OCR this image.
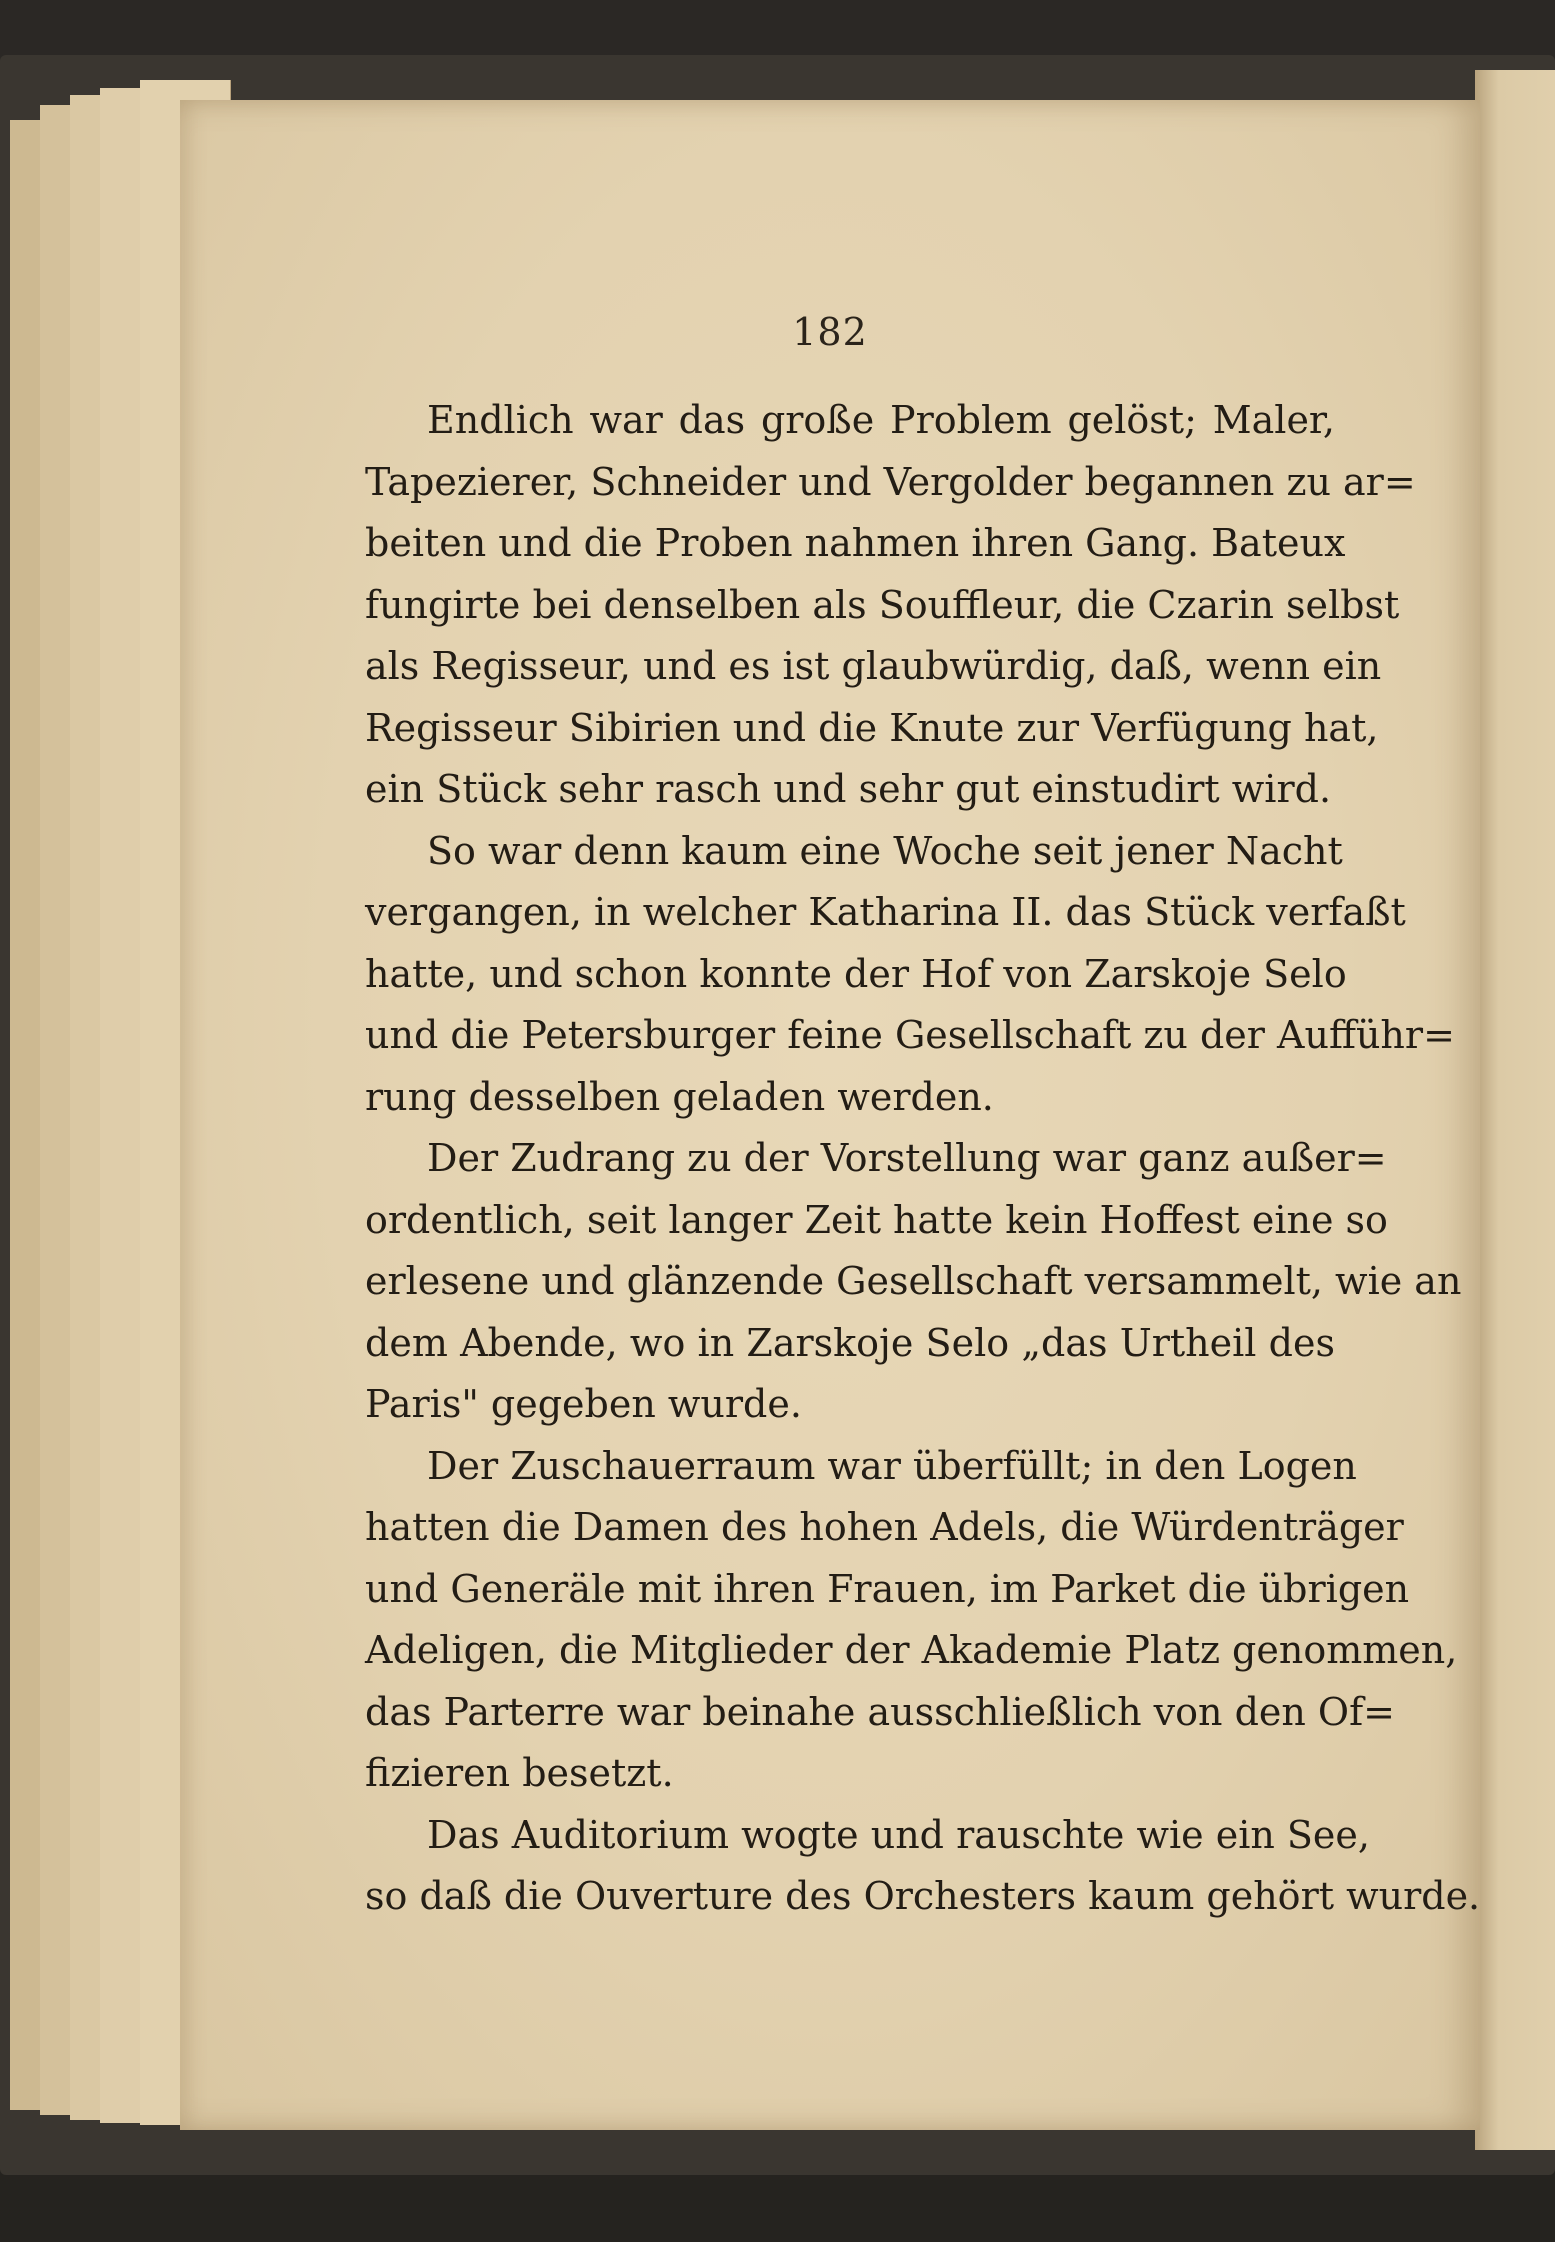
182
Endlich war das große Problem gelöst; Maler,
Tapezierer, Schneider und Vergolder begannen zu ar=
beiten und die Proben nahmen ihren Gang. Bateux
fungirte bei denselben als Souffleur, die Czarin selbst
als Regisseur, und es ist glaubwürdig, daß, wenn ein
Regisseur Sibirien und die Knute zur Verfügung hat,
ein Stück sehr rasch und sehr gut einstudirt wird.
So war denn kaum eine Woche seit jener Nacht
vergangen, in welcher Katharina II. das Stück verfaßt
hatte, und schon konnte der Hof von Zarskoje Selo
und die Petersburger feine Gesellschaft zu der Aufführ=
rung desselben geladen werden.
Der Zudrang zu der Vorstellung war ganz außer=
ordentlich, seit langer Zeit hatte kein Hoffest eine so
erlesene und glänzende Gesellschaft versammelt, wie an
dem Abende, wo in Zarskoje Selo „das Urtheil des
Paris" gegeben wurde.
Der Zuschauerraum war überfüllt; in den Logen
hatten die Damen des hohen Adels, die Würdenträger
und Generäle mit ihren Frauen, im Parket die übrigen
Adeligen, die Mitglieder der Akademie Platz genommen,
das Parterre war beinahe ausschließlich von den Of=
fizieren besetzt.
Das Auditorium wogte und rauschte wie ein See,
so daß die Ouverture des Orchesters kaum gehört wurde.
